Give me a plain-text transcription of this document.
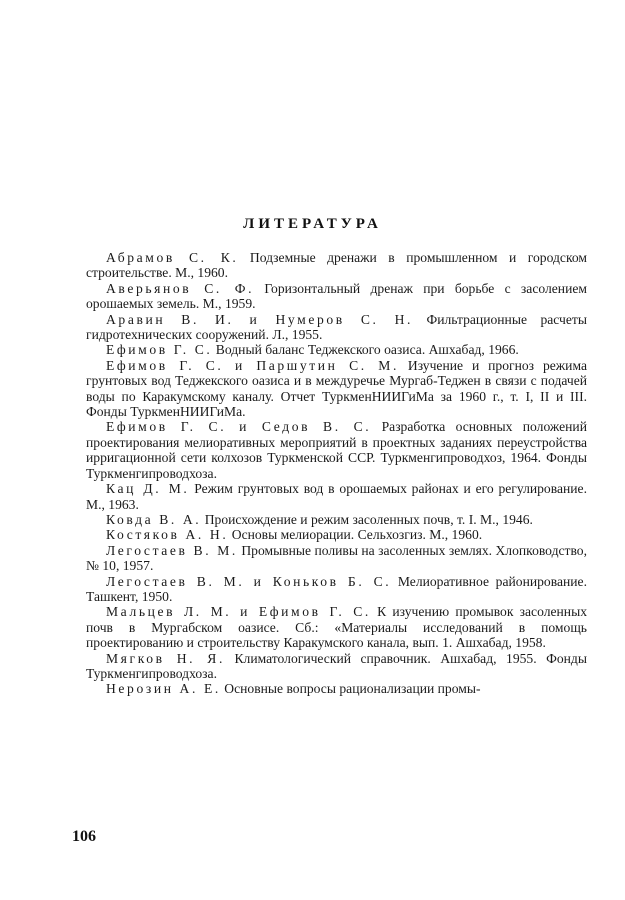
ЛИТЕРАТУРА

Абрамов С. К. Подземные дренажи в промышленном и городском строительстве. М., 1960.

Аверьянов С. Ф. Горизонтальный дренаж при борьбе с засолением орошаемых земель. М., 1959.

Аравин В. И. и Нумеров С. Н. Фильтрационные расчеты гидротехнических сооружений. Л., 1955.

Ефимов Г. С. Водный баланс Теджекского оазиса. Ашхабад, 1966.

Ефимов Г. С. и Паршутин С. М. Изучение и прогноз режима грунтовых вод Теджекского оазиса и в междуречье Мургаб-Теджен в связи с подачей воды по Каракумскому каналу. Отчет ТуркменНИИГиМа за 1960 г., т. I, II и III. Фонды ТуркменНИИГиМа.

Ефимов Г. С. и Седов В. С. Разработка основных положений проектирования мелиоративных мероприятий в проектных заданиях переустройства ирригационной сети колхозов Туркменской ССР. Туркменгипроводхоз, 1964. Фонды Туркменгипроводхоза.

Кац Д. М. Режим грунтовых вод в орошаемых районах и его регулирование. М., 1963.

Ковда В. А. Происхождение и режим засоленных почв, т. I. М., 1946.

Костяков А. Н. Основы мелиорации. Сельхозгиз. М., 1960.

Легостаев В. М. Промывные поливы на засоленных землях. Хлопководство, № 10, 1957.

Легостаев В. М. и Коньков Б. С. Мелиоративное районирование. Ташкент, 1950.

Мальцев Л. М. и Ефимов Г. С. К изучению промывок засоленных почв в Мургабском оазисе. Сб.: «Материалы исследований в помощь проектированию и строительству Каракумского канала, вып. 1. Ашхабад, 1958.

Мягков Н. Я. Климатологический справочник. Ашхабад, 1955. Фонды Туркменгипроводхоза.

Нерозин А. Е. Основные вопросы рационализации промы-

106
